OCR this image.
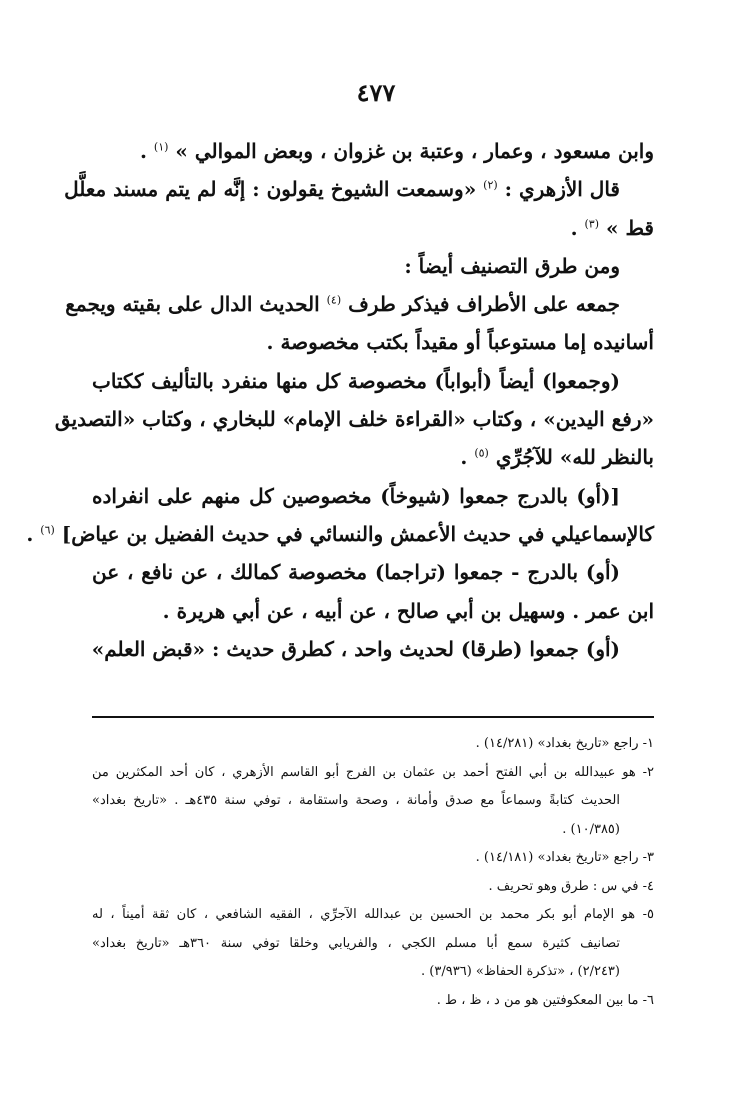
٤٧٧
وابن مسعود ، وعمار ، وعتبة بن غزوان ، وبعض الموالي » $^{(١)}$ .
قال الأزهري : $^{(٢)}$ «وسمعت الشيوخ يقولون : إنَّه لم يتم مسند معلَّل
قط » $^{(٣)}$ .
ومن طرق التصنيف أيضاً :
جمعه على الأطراف فيذكر طرف $^{(٤)}$ الحديث الدال على بقيته ويجمع
أسانيده إما مستوعباً أو مقيداً بكتب مخصوصة .
(وجمعوا) أيضاً (أبواباً) مخصوصة كل منها منفرد بالتأليف ككتاب
«رفع اليدين» ، وكتاب «القراءة خلف الإمام» للبخاري ، وكتاب «التصديق
بالنظر لله» للآجُرِّي $^{(٥)}$ .
[(أو) بالدرج جمعوا (شيوخاً) مخصوصين كل منهم على انفراده
كالإسماعيلي في حديث الأعمش والنسائي في حديث الفضيل بن عياض] $^{(٦)}$ .
(أو) بالدرج - جمعوا (تراجما) مخصوصة كمالك ، عن نافع ، عن
ابن عمر . وسهيل بن أبي صالح ، عن أبيه ، عن أبي هريرة .
(أو) جمعوا (طرقا) لحديث واحد ، كطرق حديث : «قبض العلم»
١- راجع «تاريخ بغداد» (١٤/٢٨١) .
٢- هو عبيدالله بن أبي الفتح أحمد بن عثمان بن الفرج أبو القاسم الأزهري ، كان أحد المكثرين من
الحديث كتابةً وسماعاً مع صدق وأمانة ، وصحة واستقامة ، توفي سنة ٤٣٥هـ . «تاريخ بغداد»
(١٠/٣٨٥) .
٣- راجع «تاريخ بغداد» (١٤/١٨١) .
٤- في س : طرق وهو تحريف .
٥- هو الإمام أبو بكر محمد بن الحسين بن عبدالله الآجرِّي ، الفقيه الشافعي ، كان ثقة أميناً ، له
تصانيف كثيرة سمع أبا مسلم الكجي ، والفريابي وخلقا توفي سنة ٣٦٠هـ «تاريخ بغداد»
(٢/٢٤٣) ، «تذكرة الحفاظ» (٣/٩٣٦) .
٦- ما بين المعكوفتين هو من د ، ظ ، ط .
